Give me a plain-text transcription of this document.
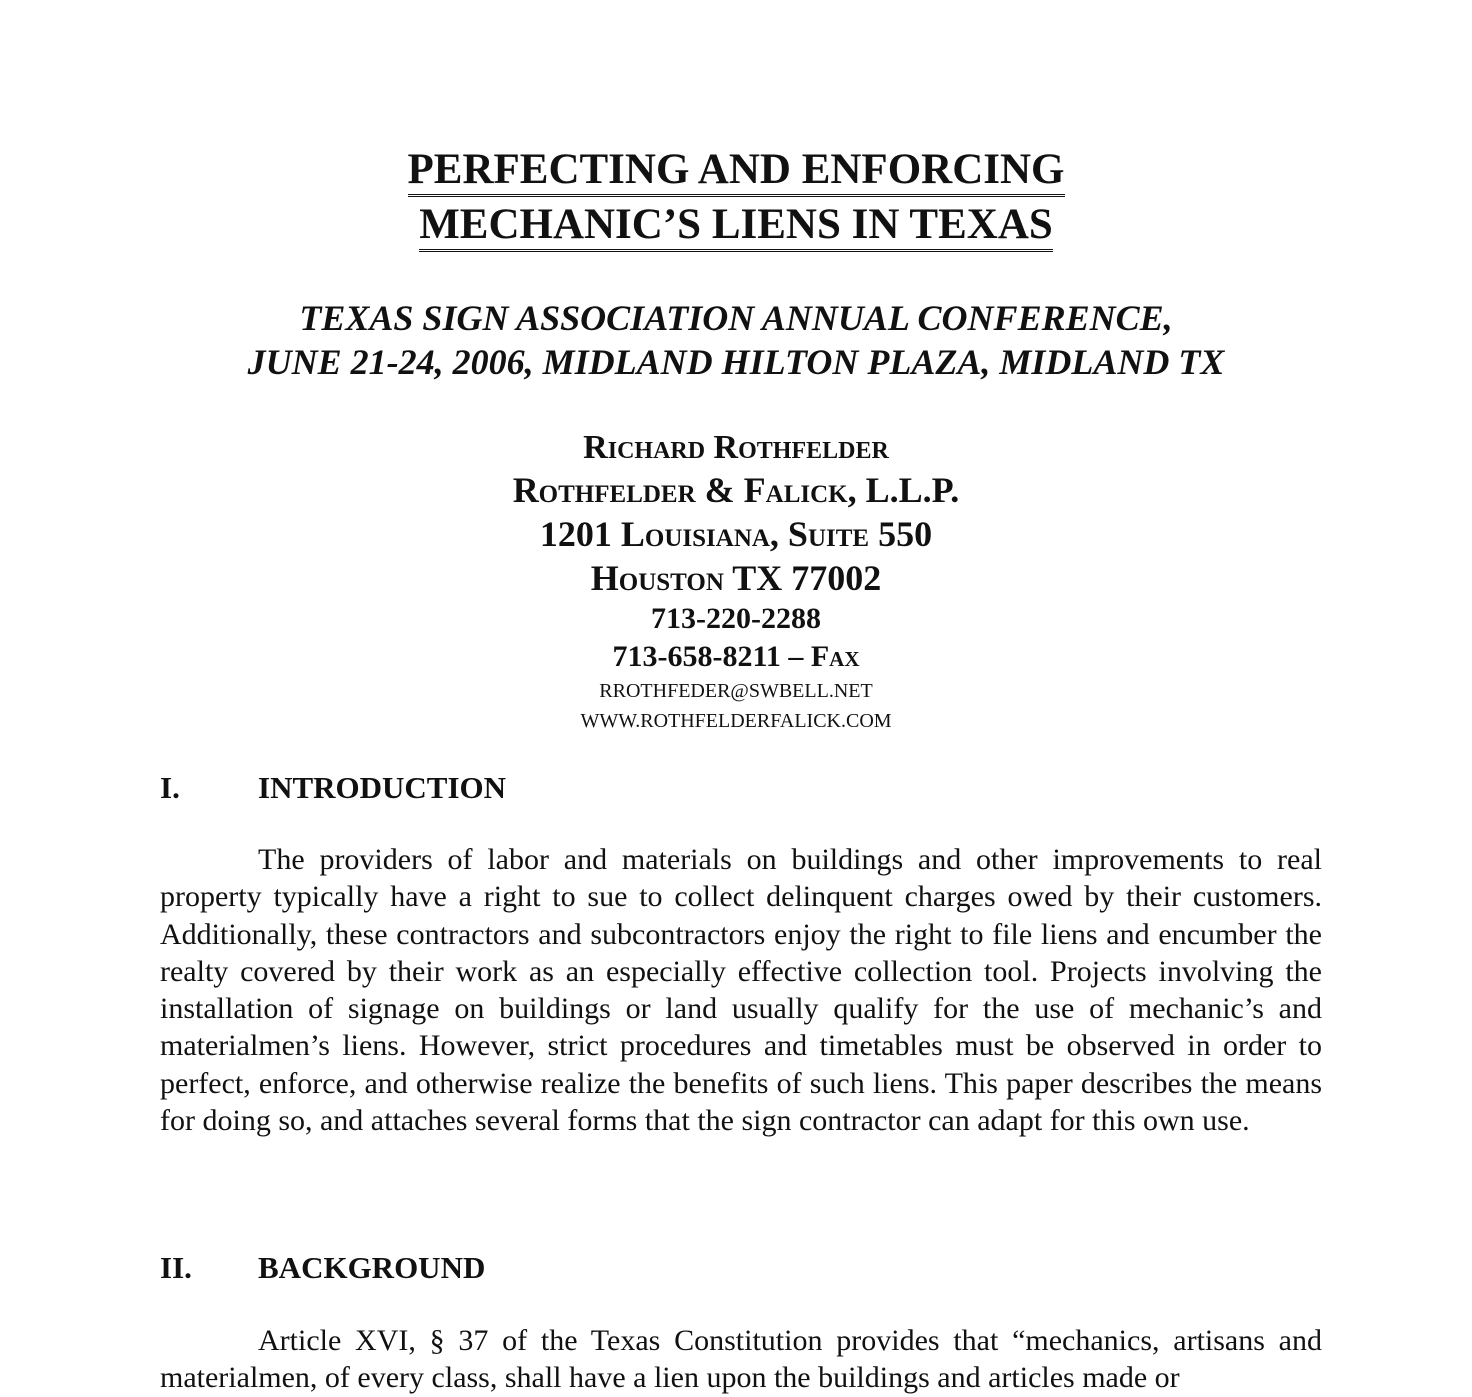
PERFECTING AND ENFORCING
MECHANIC’S LIENS IN TEXAS
TEXAS SIGN ASSOCIATION ANNUAL CONFERENCE,
JUNE 21-24, 2006, MIDLAND HILTON PLAZA, MIDLAND TX
Richard Rothfelder
Rothfelder & Falick, L.L.P.
1201 Louisiana, Suite 550
Houston TX 77002
713-220-2288
713-658-8211 – Fax
RROTHFEDER@SWBELL.NET
WWW.ROTHFELDERFALICK.COM
I.	INTRODUCTION
The providers of labor and materials on buildings and other improvements to real property typically have a right to sue to collect delinquent charges owed by their customers. Additionally, these contractors and subcontractors enjoy the right to file liens and encumber the realty covered by their work as an especially effective collection tool. Projects involving the installation of signage on buildings or land usually qualify for the use of mechanic’s and materialmen’s liens. However, strict procedures and timetables must be observed in order to perfect, enforce, and otherwise realize the benefits of such liens. This paper describes the means for doing so, and attaches several forms that the sign contractor can adapt for this own use.
II. BACKGROUND
Article XVI, § 37 of the Texas Constitution provides that “mechanics, artisans and materialmen, of every class, shall have a lien upon the buildings and articles made or
